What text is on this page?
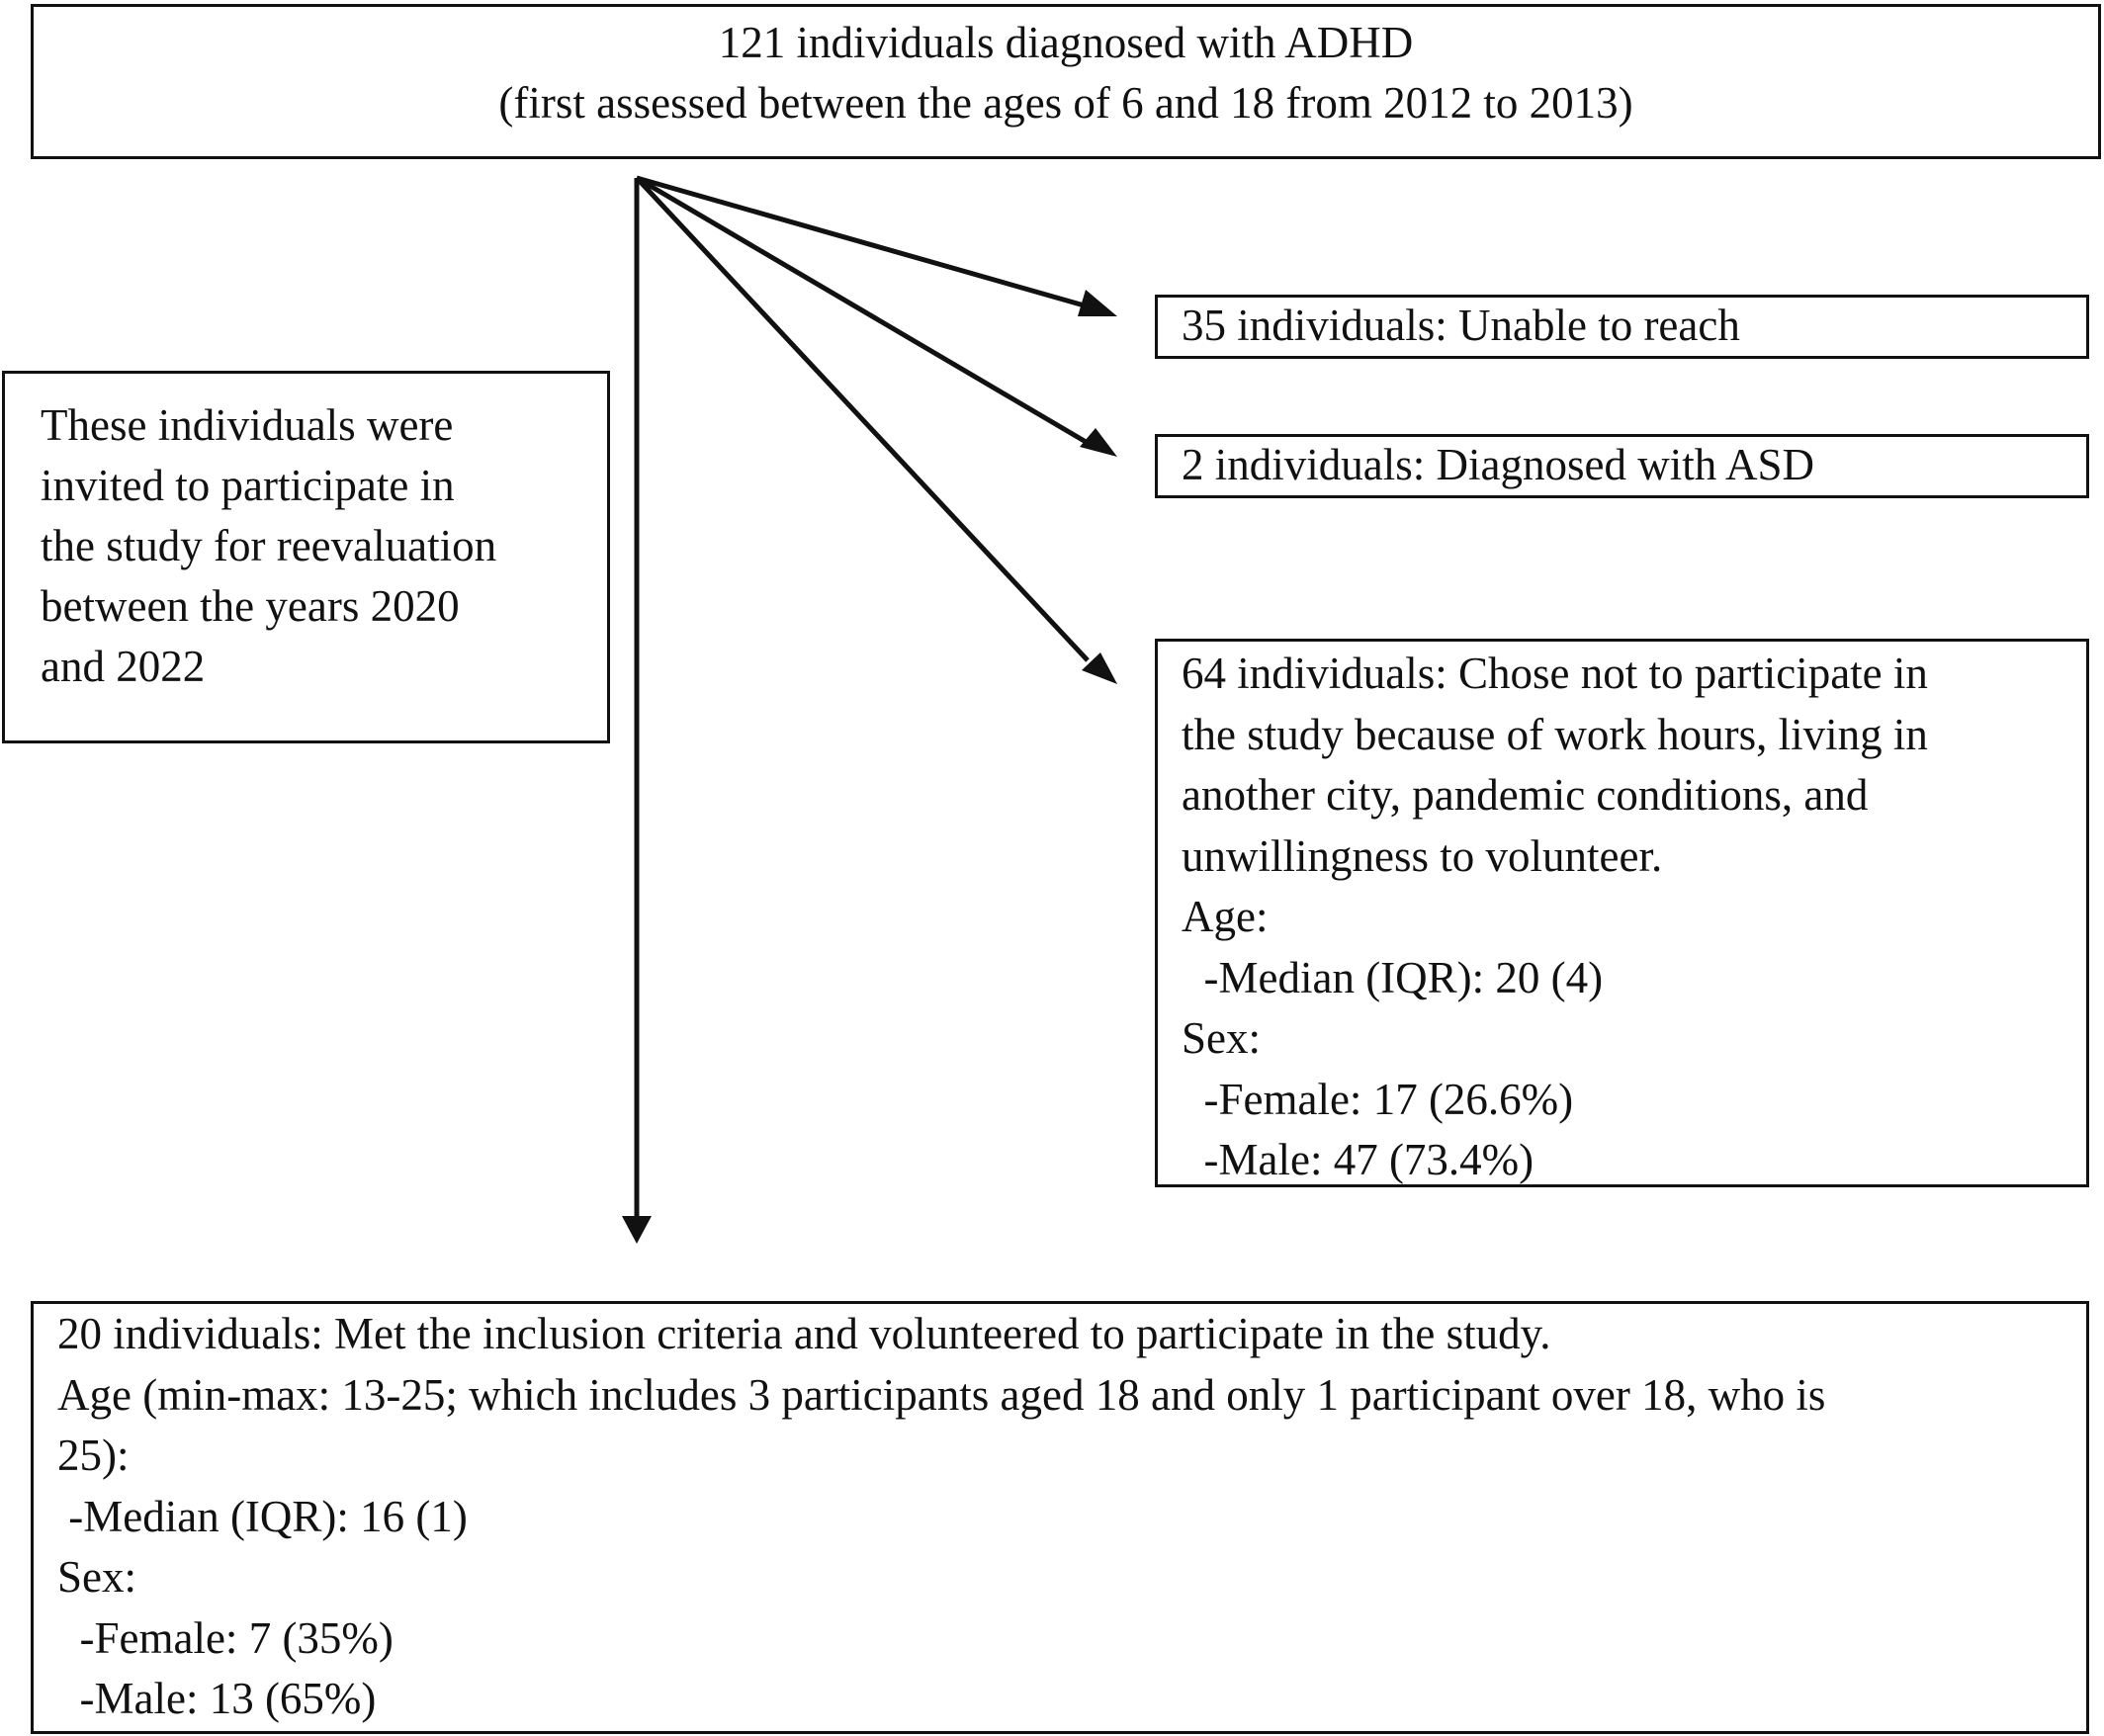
121 individuals diagnosed with ADHD
(first assessed between the ages of 6 and 18 from 2012 to 2013)
These individuals were
invited to participate in
the study for reevaluation
between the years 2020
and 2022
35 individuals: Unable to reach
2 individuals: Diagnosed with ASD
64 individuals: Chose not to participate in
the study because of work hours, living in
another city, pandemic conditions, and
unwillingness to volunteer.
Age:
-Median (IQR): 20 (4)
Sex:
-Female: 17 (26.6%)
-Male: 47 (73.4%)
20 individuals: Met the inclusion criteria and volunteered to participate in the study.
Age (min-max: 13-25; which includes 3 participants aged 18 and only 1 participant over 18, who is
25):
-Median (IQR): 16 (1)
Sex:
-Female: 7 (35%)
-Male: 13 (65%)
